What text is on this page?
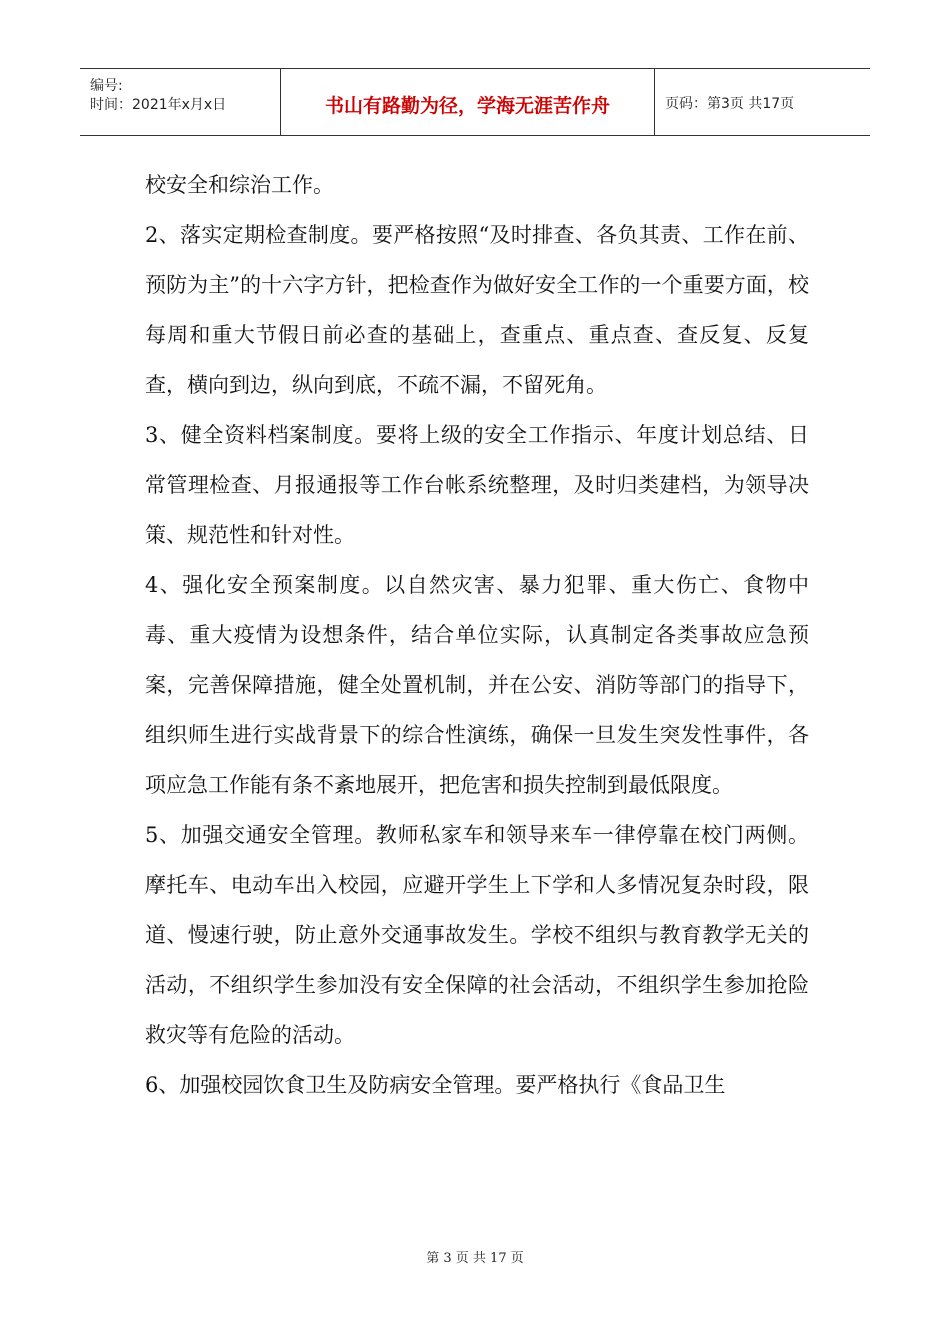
编号:
时间：2021年x月x日	书山有路勤为径，学海无涯苦作舟	页码：第3页 共17页

校安全和综治工作。

2、落实定期检查制度。要严格按照“及时排查、各负其责、工作在前、预防为主”的十六字方针，把检查作为做好安全工作的一个重要方面，校每周和重大节假日前必查的基础上，查重点、重点查、查反复、反复查，横向到边，纵向到底，不疏不漏，不留死角。

3、健全资料档案制度。要将上级的安全工作指示、年度计划总结、日常管理检查、月报通报等工作台帐系统整理，及时归类建档，为领导决策、规范性和针对性。

4、强化安全预案制度。以自然灾害、暴力犯罪、重大伤亡、食物中毒、重大疫情为设想条件，结合单位实际，认真制定各类事故应急预案，完善保障措施，健全处置机制，并在公安、消防等部门的指导下，组织师生进行实战背景下的综合性演练，确保一旦发生突发性事件，各项应急工作能有条不紊地展开，把危害和损失控制到最低限度。

5、加强交通安全管理。教师私家车和领导来车一律停靠在校门两侧。摩托车、电动车出入校园，应避开学生上下学和人多情况复杂时段，限道、慢速行驶，防止意外交通事故发生。学校不组织与教育教学无关的活动，不组织学生参加没有安全保障的社会活动，不组织学生参加抢险救灾等有危险的活动。

6、加强校园饮食卫生及防病安全管理。要严格执行《食品卫生

第 3 页 共 17 页
